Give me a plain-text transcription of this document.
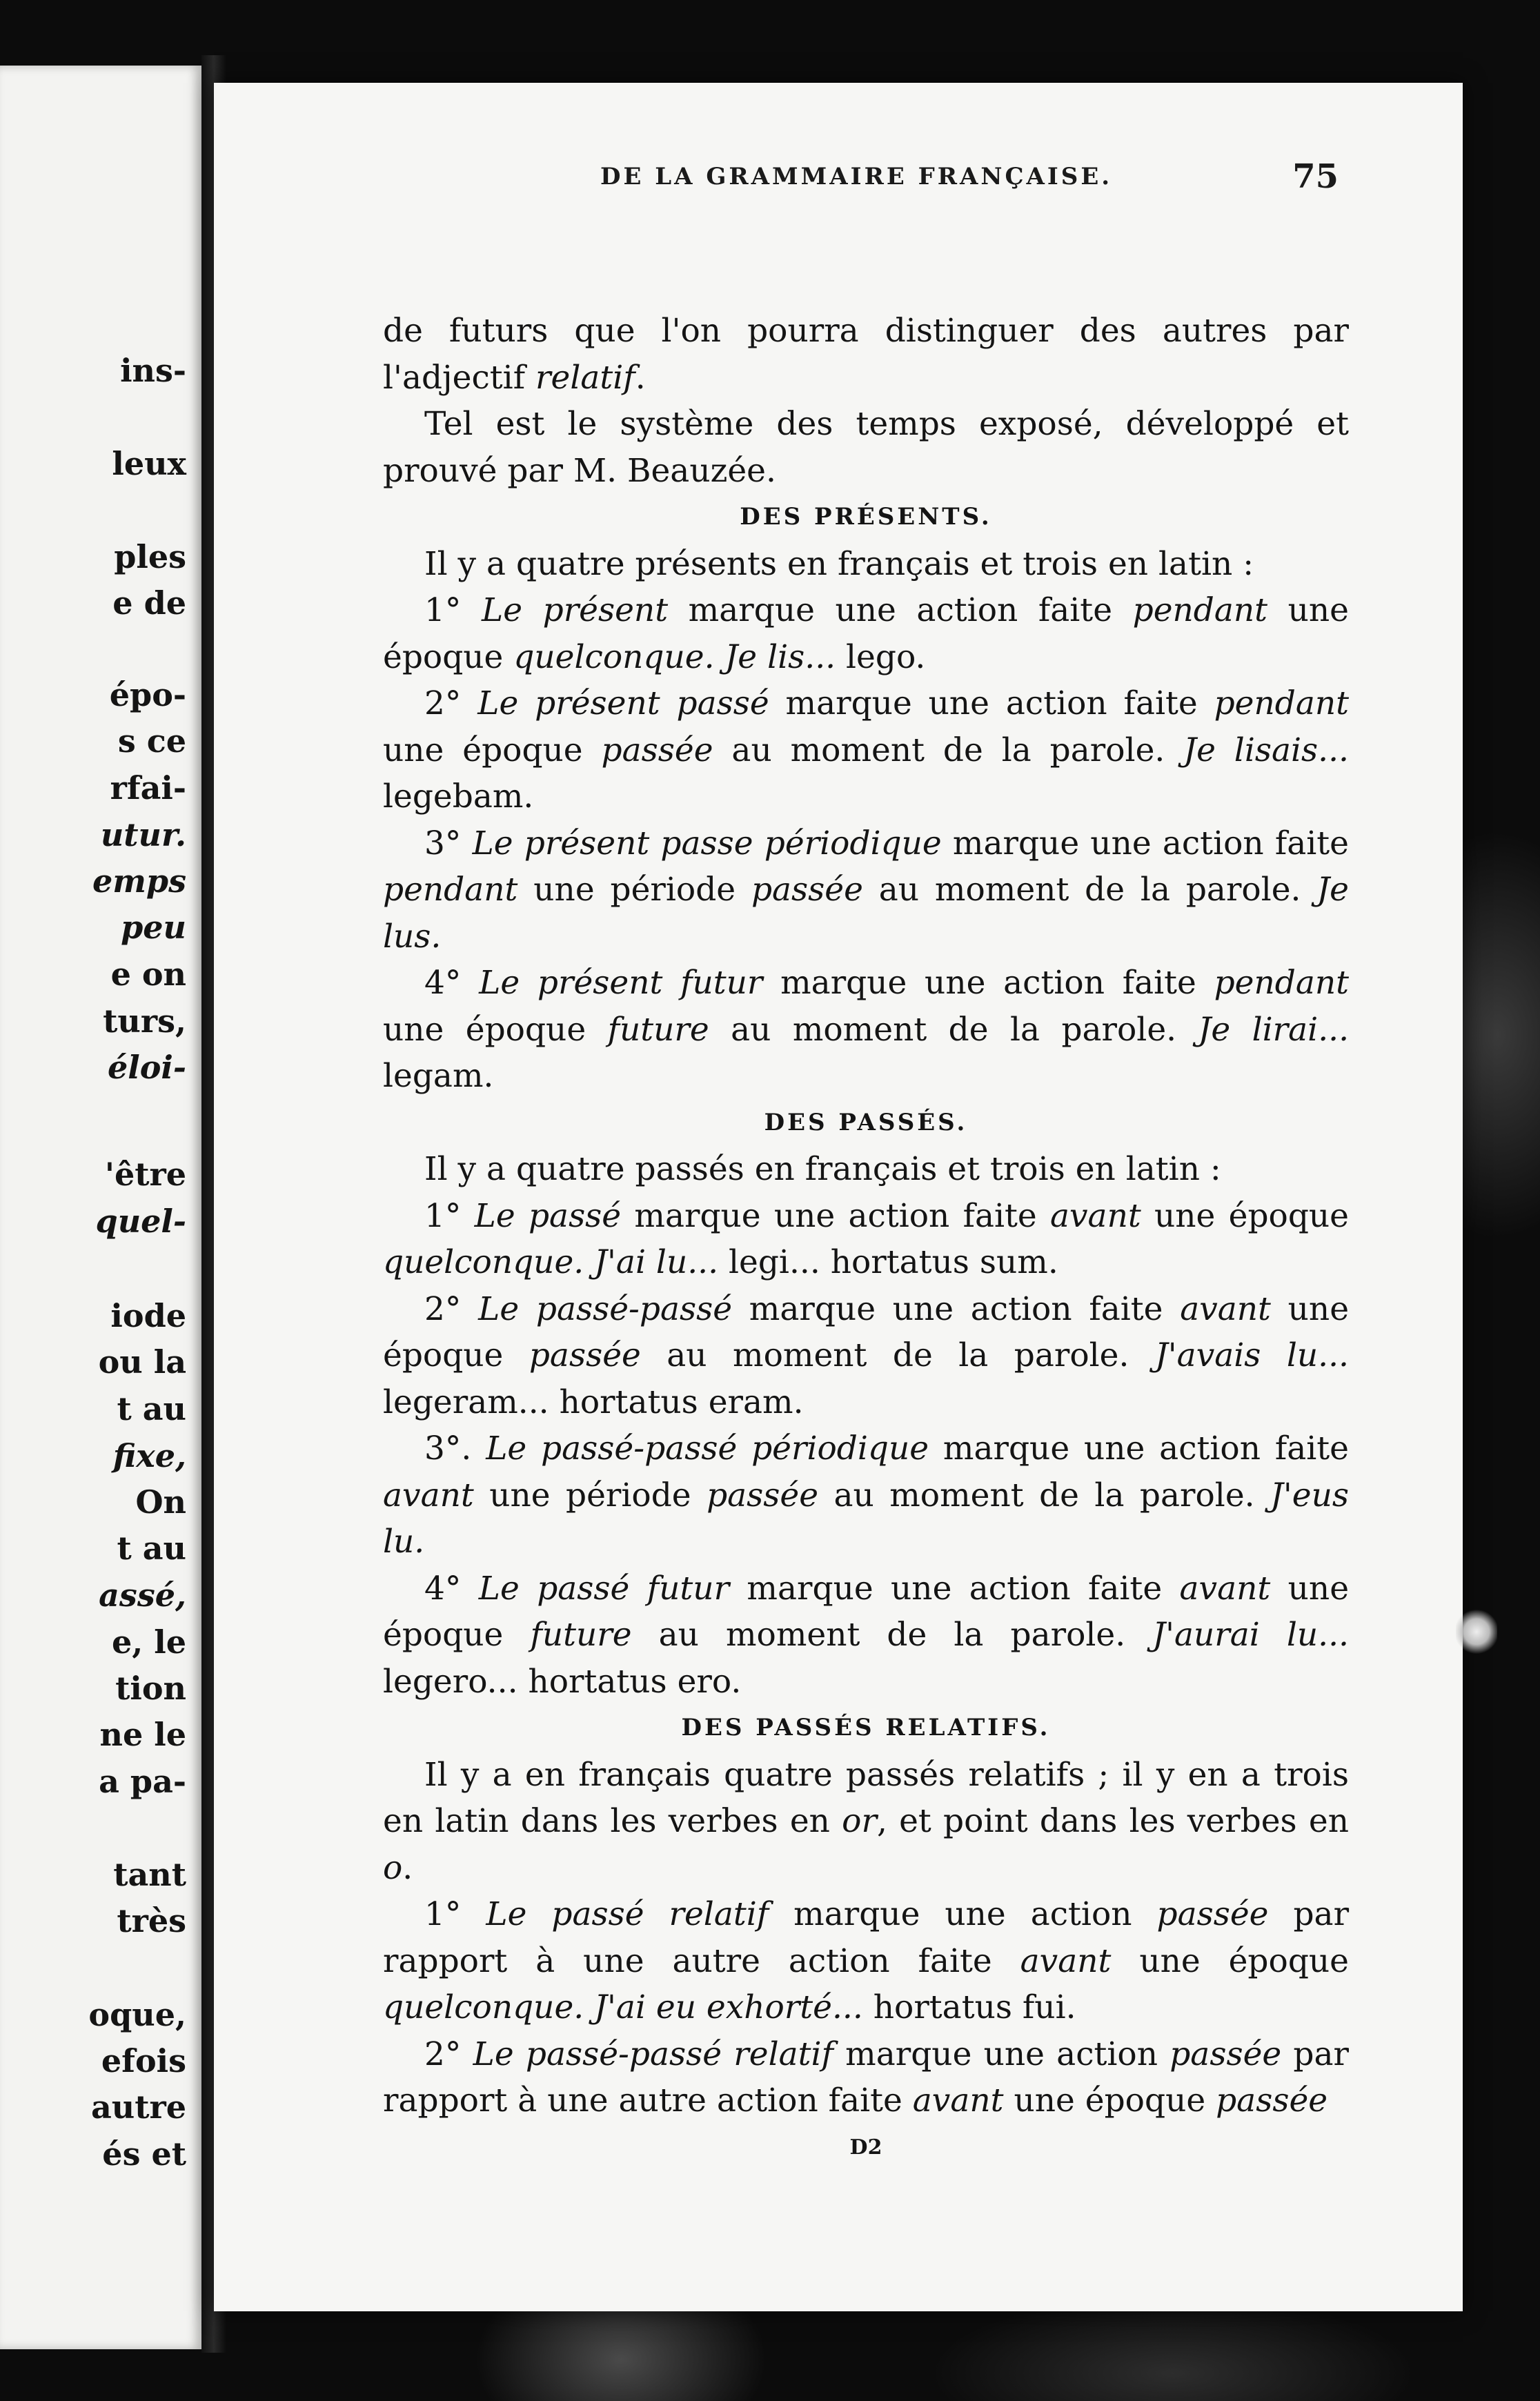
ins-

leux

ples

e de

épo-

s ce

rfai-

utur.

emps

peu

e on

turs,

éloi-

'être

quel-

iode

ou la

t au

fixe,

On

t au

assé,

e, le

tion

ne le

a pa-

tant

très

oque,

efois

autre

és et

DE LA GRAMMAIRE FRANÇAISE.	75

de futurs que l'on pourra distinguer des autres par l'adjectif relatif.

Tel est le système des temps exposé, développé et prouvé par M. Beauzée.

DES PRÉSENTS.

Il y a quatre présents en français et trois en latin :

1° Le présent marque une action faite pendant une époque quelconque. Je lis... lego.

2° Le présent passé marque une action faite pendant une époque passée au moment de la parole. Je lisais... legebam.

3° Le présent passe périodique marque une action faite pendant une période passée au moment de la parole. Je lus.

4° Le présent futur marque une action faite pendant une époque future au moment de la parole. Je lirai... legam.

DES PASSÉS.

Il y a quatre passés en français et trois en latin :

1° Le passé marque une action faite avant une époque quelconque. J'ai lu... legi... hortatus sum.

2° Le passé-passé marque une action faite avant une époque passée au moment de la parole. J'avais lu... legeram... hortatus eram.

3°. Le passé-passé périodique marque une action faite avant une période passée au moment de la parole. J'eus lu.

4° Le passé futur marque une action faite avant une époque future au moment de la parole. J'aurai lu... legero... hortatus ero.

DES PASSÉS RELATIFS.

Il y a en français quatre passés relatifs ; il y en a trois en latin dans les verbes en or, et point dans les verbes en o.

1° Le passé relatif marque une action passée par rapport à une autre action faite avant une époque quelconque. J'ai eu exhorté... hortatus fui.

2° Le passé-passé relatif marque une action passée par rapport à une autre action faite avant une époque passée

D2
